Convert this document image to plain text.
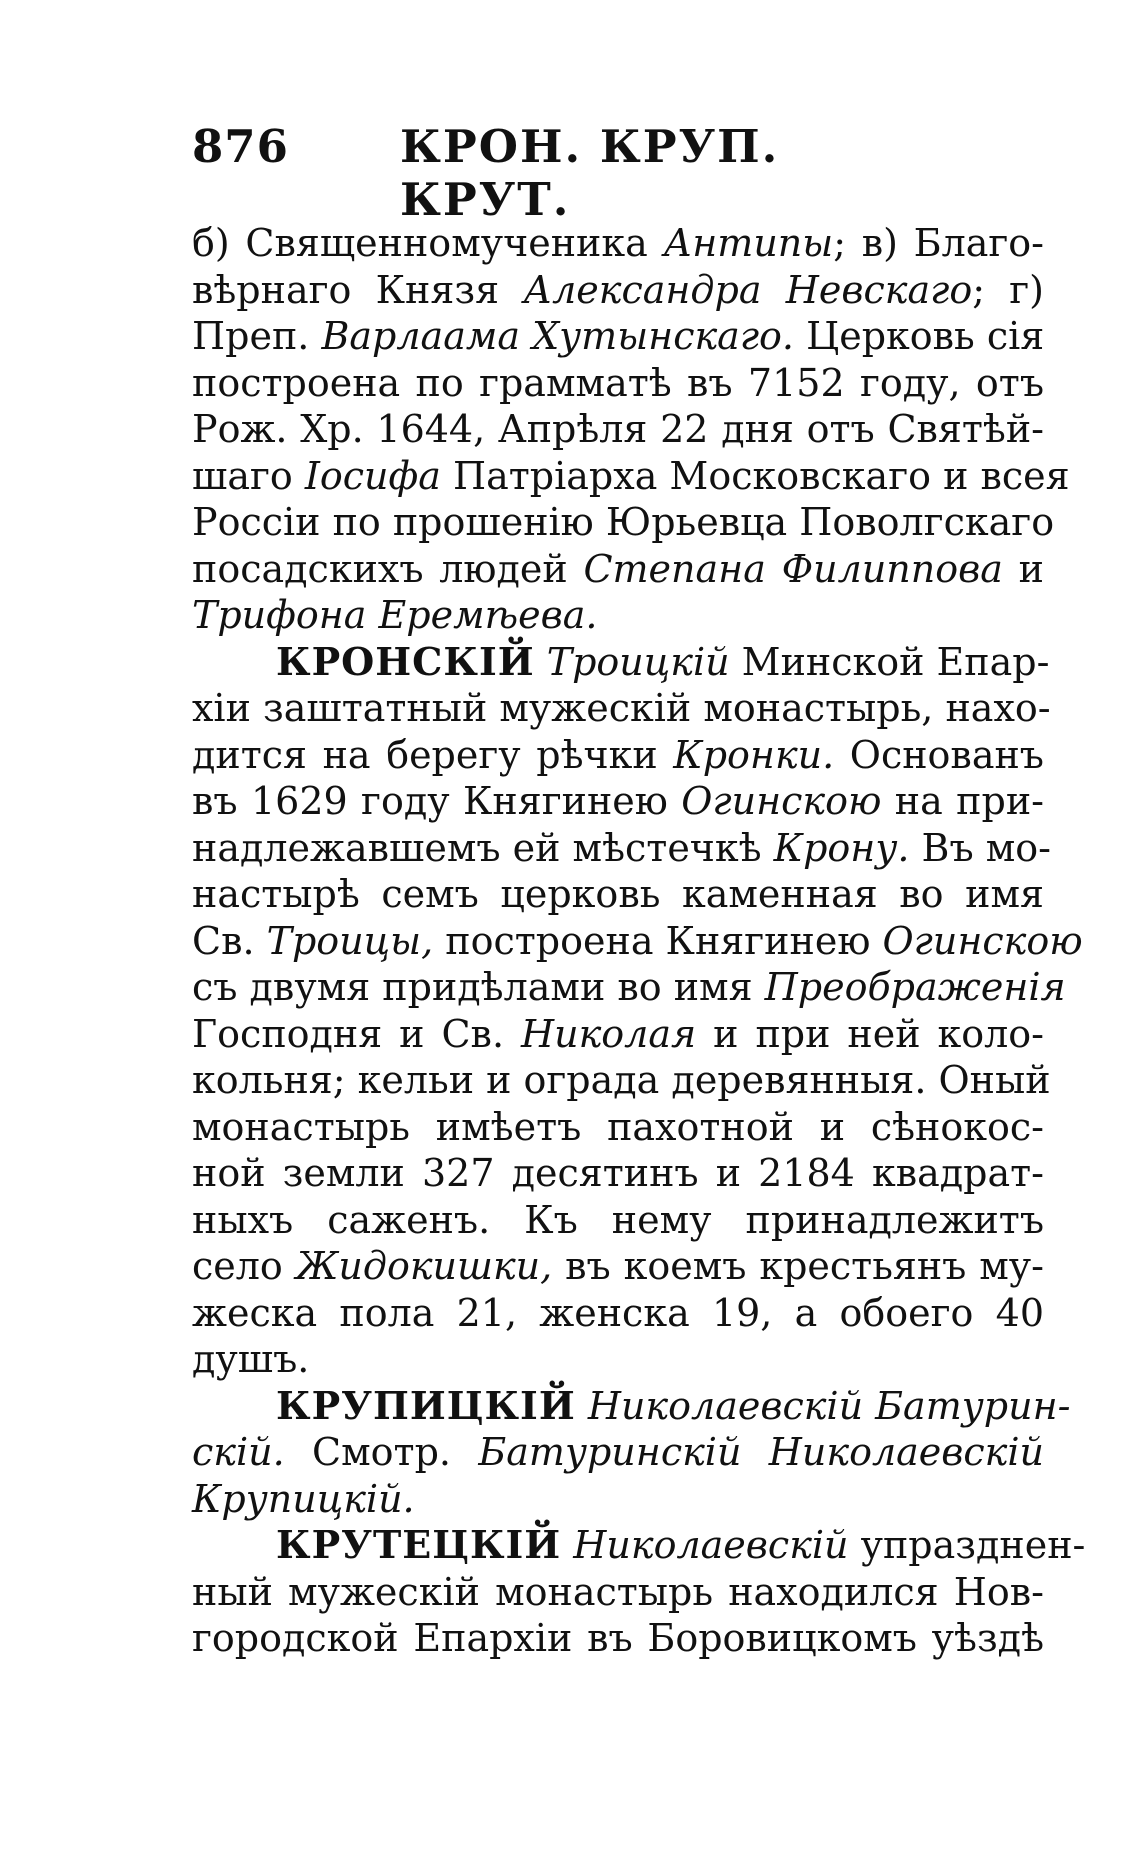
876 КРОН. КРУП. КРУТ.
б) Священномученика Антипы; в) Благо-
вѣрнаго Князя Александра Невскаго; г)
Преп. Варлаама Хутынскаго. Церковь сія
построена по грамматѣ въ 7152 году, отъ
Рож. Хр. 1644, Апрѣля 22 дня отъ Святѣй-
шаго Іосифа Патріарха Московскаго и всея
Россіи по прошенію Юрьевца Поволгскаго
посадскихъ людей Степана Филиппова и
Трифона Еремѣева.
КРОНСКІЙ Троицкій Минской Епар-
хіи заштатный мужескій монастырь, нахо-
дится на берегу рѣчки Кронки. Основанъ
въ 1629 году Княгинею Огинскою на при-
надлежавшемъ ей мѣстечкѣ Крону. Въ мо-
настырѣ семъ церковь каменная во имя
Св. Троицы, построена Княгинею Огинскою
съ двумя придѣлами во имя Преображенія
Господня и Св. Николая и при ней коло-
кольня; кельи и ограда деревянныя. Оный
монастырь имѣетъ пахотной и сѣнокос-
ной земли 327 десятинъ и 2184 квадрат-
ныхъ саженъ. Къ нему принадлежитъ
село Жидокишки, въ коемъ крестьянъ му-
жеска пола 21, женска 19, а обоего 40
душъ.
КРУПИЦКІЙ Николаевскій Батурин-
скій. Смотр. Батуринскій Николаевскій
Крупицкій.
КРУТЕЦКІЙ Николаевскій упразднен-
ный мужескій монастырь находился Нов-
городской Епархіи въ Боровицкомъ уѣздѣ
